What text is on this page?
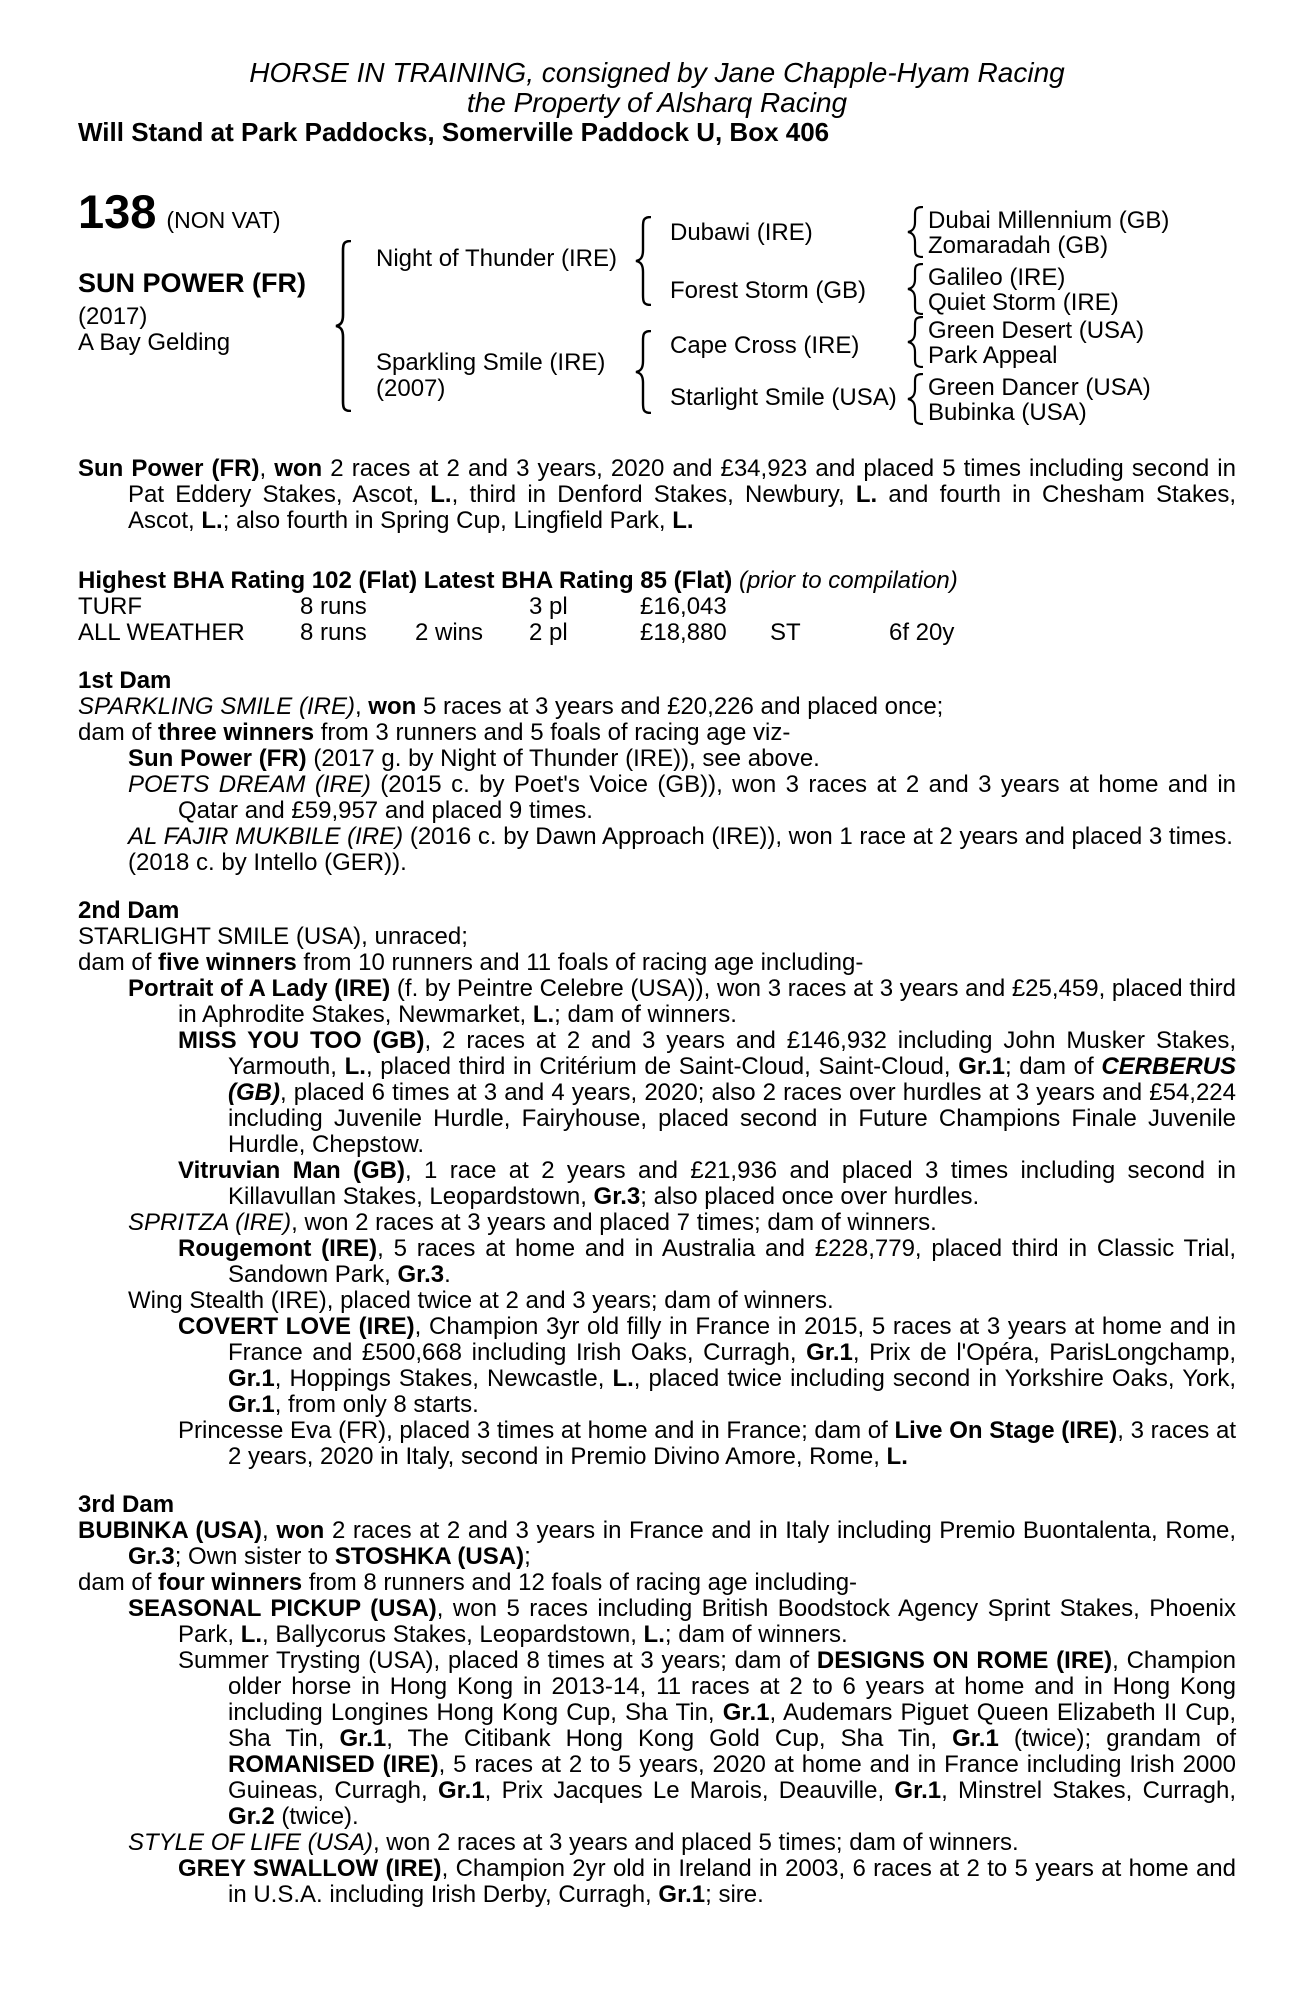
HORSE IN TRAINING, consigned by Jane Chapple-Hyam Racing
the Property of Alsharq Racing
Will Stand at Park Paddocks, Somerville Paddock U, Box 406
138 (NON VAT)
SUN POWER (FR)
(2017)
A Bay Gelding
Night of Thunder (IRE)
Sparkling Smile (IRE)
(2007)
Dubawi (IRE)
Forest Storm (GB)
Cape Cross (IRE)
Starlight Smile (USA)
Dubai Millennium (GB)
Zomaradah (GB)
Galileo (IRE)
Quiet Storm (IRE)
Green Desert (USA)
Park Appeal
Green Dancer (USA)
Bubinka (USA)
Sun Power (FR), won 2 races at 2 and 3 years, 2020 and £34,923 and placed 5 times including second in Pat Eddery Stakes, Ascot, L., third in Denford Stakes, Newbury, L. and fourth in Chesham Stakes, Ascot, L.; also fourth in Spring Cup, Lingfield Park, L.
Highest BHA Rating 102 (Flat) Latest BHA Rating 85 (Flat) (prior to compilation)
TURF	8 runs		3 pl	£16,043		
ALL WEATHER	8 runs	2 wins	2 pl	£18,880	ST	6f 20y
1st Dam
SPARKLING SMILE (IRE), won 5 races at 3 years and £20,226 and placed once;
dam of three winners from 3 runners and 5 foals of racing age viz-
Sun Power (FR) (2017 g. by Night of Thunder (IRE)), see above.
POETS DREAM (IRE) (2015 c. by Poet's Voice (GB)), won 3 races at 2 and 3 years at home and in Qatar and £59,957 and placed 9 times.
AL FAJIR MUKBILE (IRE) (2016 c. by Dawn Approach (IRE)), won 1 race at 2 years and placed 3 times.
(2018 c. by Intello (GER)).
2nd Dam
STARLIGHT SMILE (USA), unraced;
dam of five winners from 10 runners and 11 foals of racing age including-
Portrait of A Lady (IRE) (f. by Peintre Celebre (USA)), won 3 races at 3 years and £25,459, placed third in Aphrodite Stakes, Newmarket, L.; dam of winners.
MISS YOU TOO (GB), 2 races at 2 and 3 years and £146,932 including John Musker Stakes, Yarmouth, L., placed third in Critérium de Saint-Cloud, Saint-Cloud, Gr.1; dam of CERBERUS (GB), placed 6 times at 3 and 4 years, 2020; also 2 races over hurdles at 3 years and £54,224 including Juvenile Hurdle, Fairyhouse, placed second in Future Champions Finale Juvenile Hurdle, Chepstow.
Vitruvian Man (GB), 1 race at 2 years and £21,936 and placed 3 times including second in Killavullan Stakes, Leopardstown, Gr.3; also placed once over hurdles.
SPRITZA (IRE), won 2 races at 3 years and placed 7 times; dam of winners.
Rougemont (IRE), 5 races at home and in Australia and £228,779, placed third in Classic Trial, Sandown Park, Gr.3.
Wing Stealth (IRE), placed twice at 2 and 3 years; dam of winners.
COVERT LOVE (IRE), Champion 3yr old filly in France in 2015, 5 races at 3 years at home and in France and £500,668 including Irish Oaks, Curragh, Gr.1, Prix de l'Opéra, ParisLongchamp, Gr.1, Hoppings Stakes, Newcastle, L., placed twice including second in Yorkshire Oaks, York, Gr.1, from only 8 starts.
Princesse Eva (FR), placed 3 times at home and in France; dam of Live On Stage (IRE), 3 races at 2 years, 2020 in Italy, second in Premio Divino Amore, Rome, L.
3rd Dam
BUBINKA (USA), won 2 races at 2 and 3 years in France and in Italy including Premio Buontalenta, Rome, Gr.3; Own sister to STOSHKA (USA);
dam of four winners from 8 runners and 12 foals of racing age including-
SEASONAL PICKUP (USA), won 5 races including British Boodstock Agency Sprint Stakes, Phoenix Park, L., Ballycorus Stakes, Leopardstown, L.; dam of winners.
Summer Trysting (USA), placed 8 times at 3 years; dam of DESIGNS ON ROME (IRE), Champion older horse in Hong Kong in 2013-14, 11 races at 2 to 6 years at home and in Hong Kong including Longines Hong Kong Cup, Sha Tin, Gr.1, Audemars Piguet Queen Elizabeth II Cup, Sha Tin, Gr.1, The Citibank Hong Kong Gold Cup, Sha Tin, Gr.1 (twice); grandam of ROMANISED (IRE), 5 races at 2 to 5 years, 2020 at home and in France including Irish 2000 Guineas, Curragh, Gr.1, Prix Jacques Le Marois, Deauville, Gr.1, Minstrel Stakes, Curragh, Gr.2 (twice).
STYLE OF LIFE (USA), won 2 races at 3 years and placed 5 times; dam of winners.
GREY SWALLOW (IRE), Champion 2yr old in Ireland in 2003, 6 races at 2 to 5 years at home and in U.S.A. including Irish Derby, Curragh, Gr.1; sire.
